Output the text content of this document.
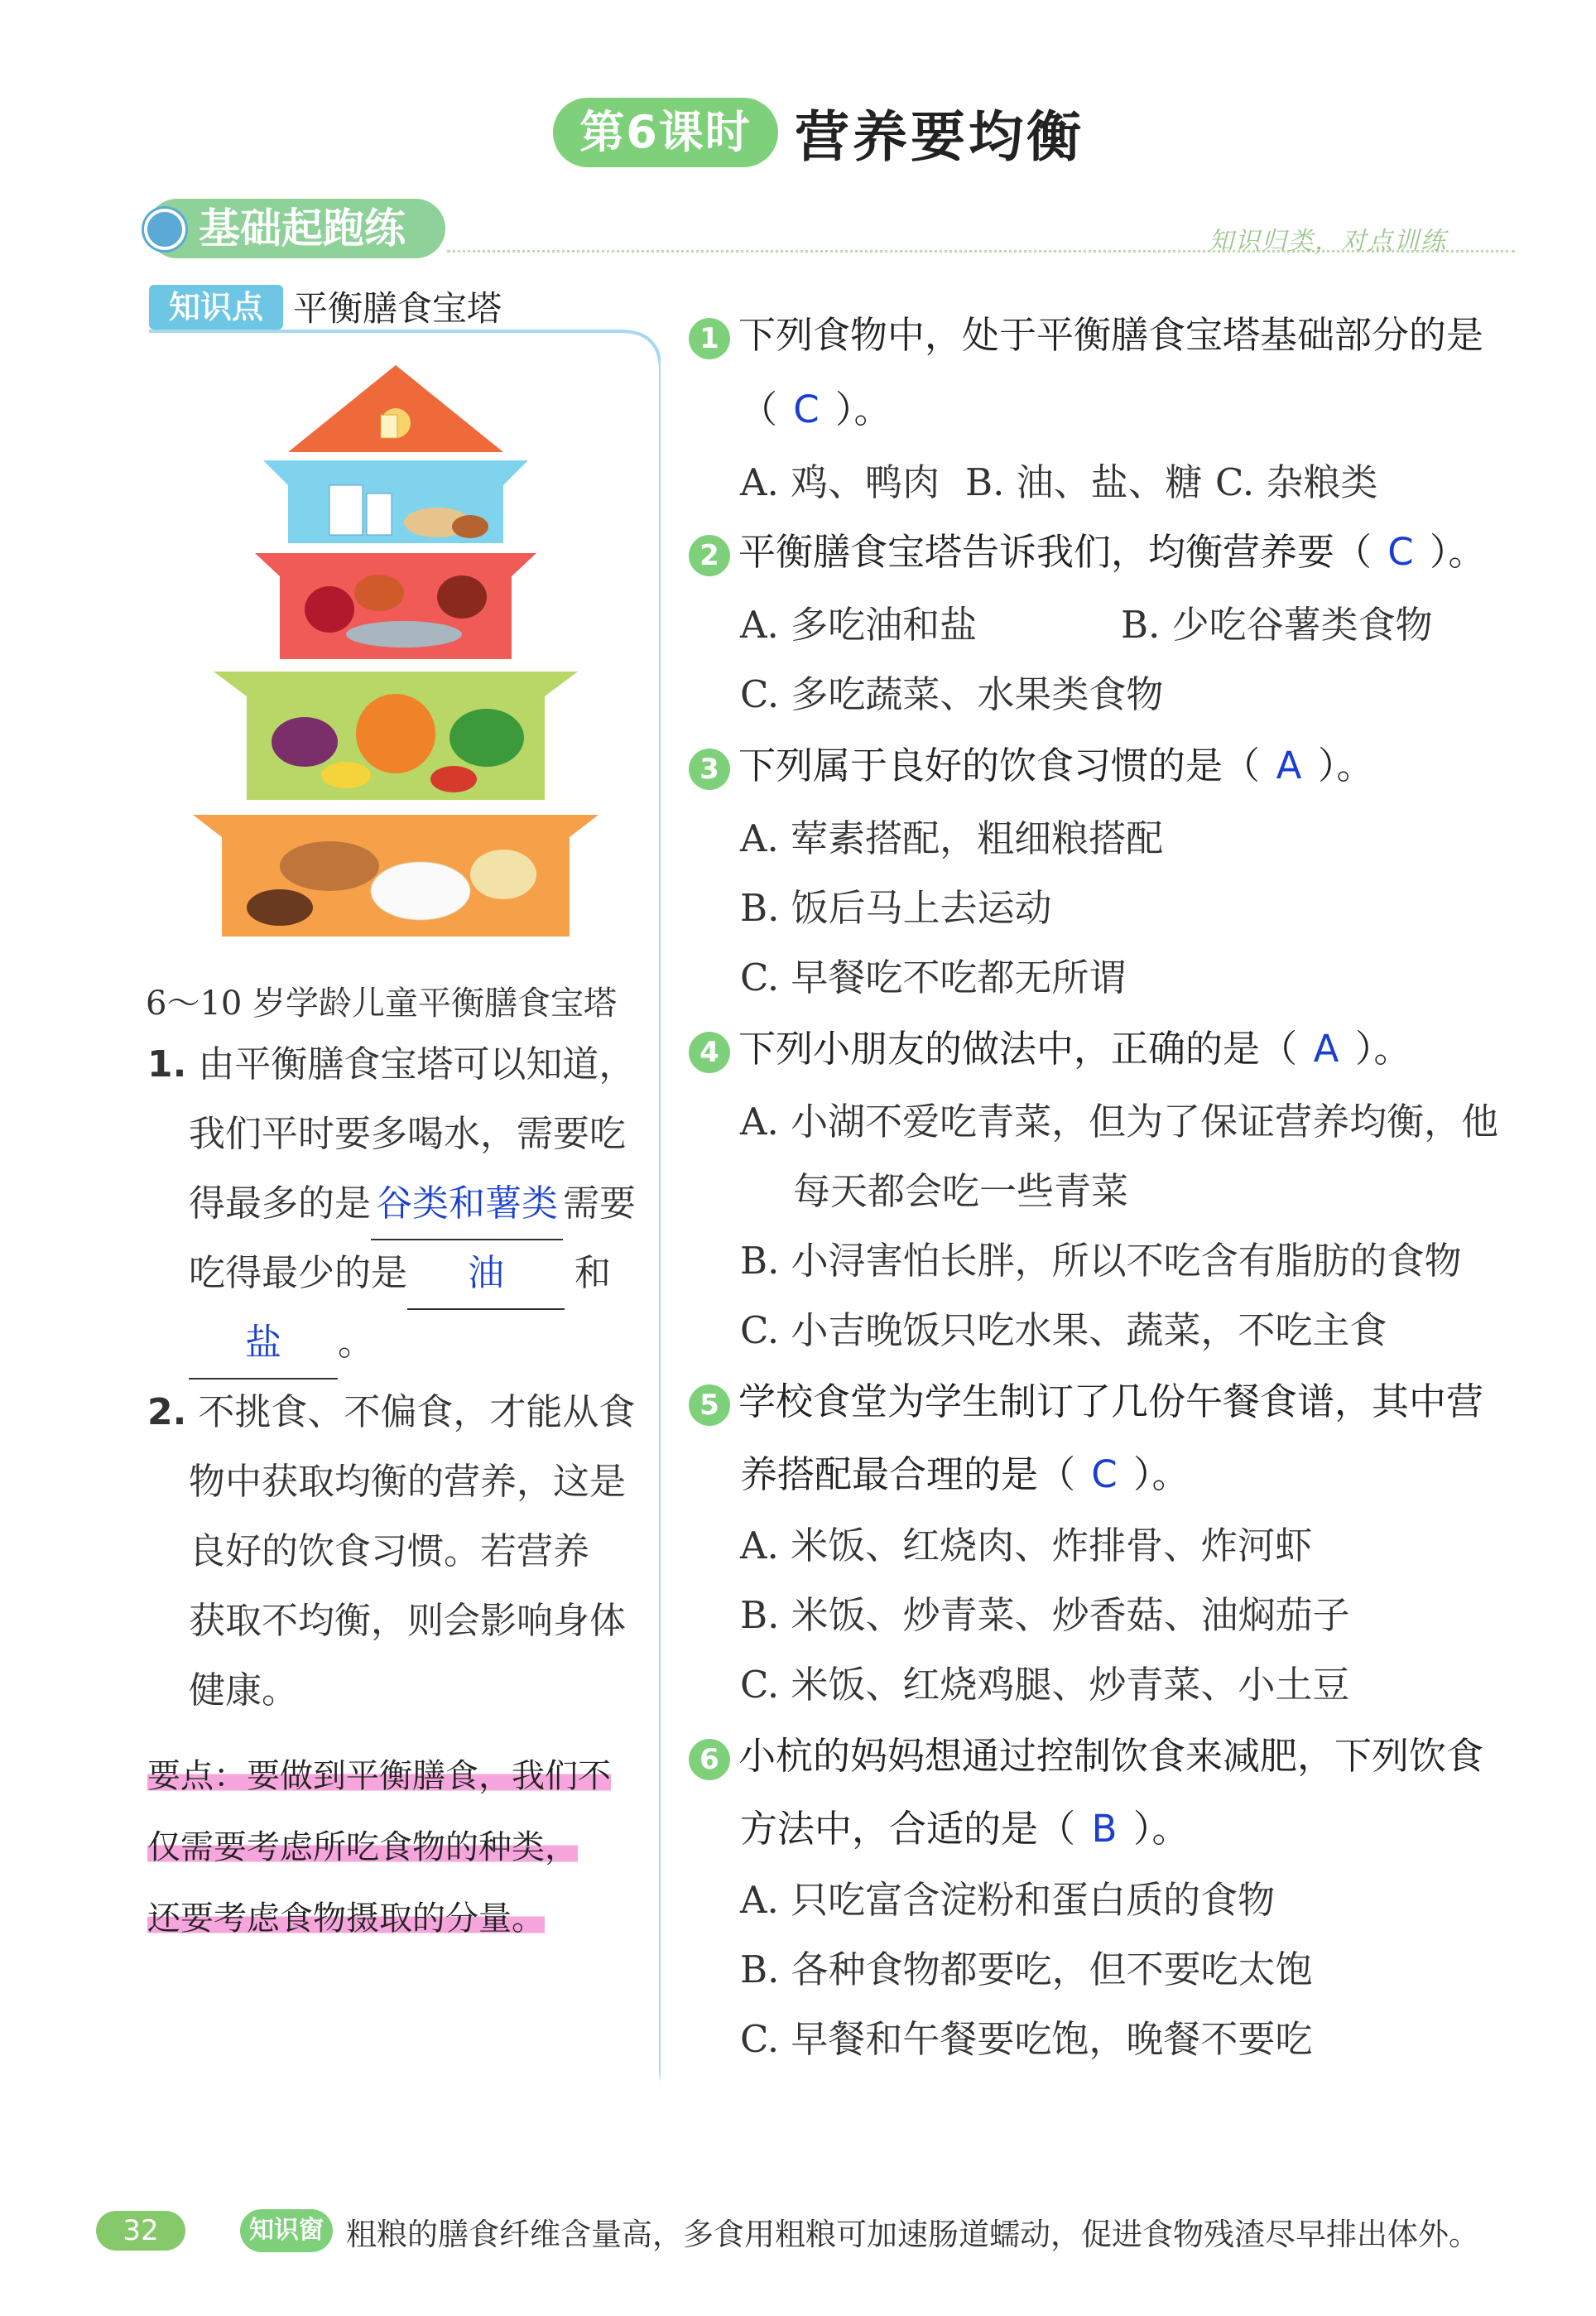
第6课时 营养要均衡
基础起跑练	知识归类，对点训练
知识点 平衡膳食宝塔
6～10 岁学龄儿童平衡膳食宝塔
1. 由平衡膳食宝塔可以知道，
我们平时要多喝水，需要吃
得最多的是 谷类和薯类 需要
吃得最少的是 油 和
盐 。
2. 不挑食、不偏食，才能从食
物中获取均衡的营养，这是
良好的饮食习惯。若营养
获取不均衡，则会影响身体
健康。
要点：要做到平衡膳食，我们不
仅需要考虑所吃食物的种类，
还要考虑食物摄取的分量。
1 下列食物中，处于平衡膳食宝塔基础部分的是
（ C ）。
A. 鸡、鸭肉 B. 油、盐、糖 C. 杂粮类
2 平衡膳食宝塔告诉我们，均衡营养要（ C ）。
A. 多吃油和盐	B. 少吃谷薯类食物
C. 多吃蔬菜、水果类食物
3 下列属于良好的饮食习惯的是（ A ）。
A. 荤素搭配，粗细粮搭配
B. 饭后马上去运动
C. 早餐吃不吃都无所谓
4 下列小朋友的做法中，正确的是（ A ）。
A. 小湖不爱吃青菜，但为了保证营养均衡，他
每天都会吃一些青菜
B. 小浔害怕长胖，所以不吃含有脂肪的食物
C. 小吉晚饭只吃水果、蔬菜，不吃主食
5 学校食堂为学生制订了几份午餐食谱，其中营
养搭配最合理的是（ C ）。
A. 米饭、红烧肉、炸排骨、炸河虾
B. 米饭、炒青菜、炒香菇、油焖茄子
C. 米饭、红烧鸡腿、炒青菜、小土豆
6 小杭的妈妈想通过控制饮食来减肥，下列饮食
方法中，合适的是（ B ）。
A. 只吃富含淀粉和蛋白质的食物
B. 各种食物都要吃，但不要吃太饱
C. 早餐和午餐要吃饱，晚餐不要吃
32	知识窗 粗粮的膳食纤维含量高，多食用粗粮可加速肠道蠕动，促进食物残渣尽早排出体外。
